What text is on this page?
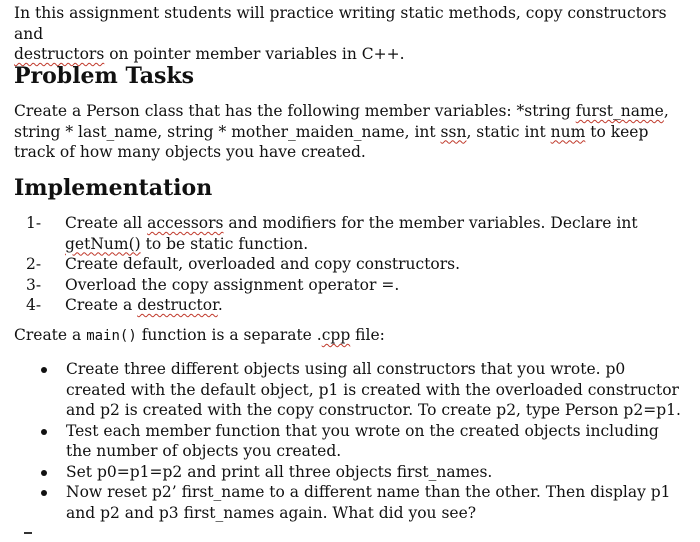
In this assignment students will practice writing static methods, copy constructors and
destructors on pointer member variables in C++.

Problem Tasks

Create a Person class that has the following member variables: *string furst_name, string * last_name, string * mother_maiden_name, int ssn, static int num to keep track of how many objects you have created.

Implementation
1- Create all accessors and modifiers for the member variables. Declare int getNum() to be static function.
2- Create default, overloaded and copy constructors.
3- Overload the copy assignment operator =.
4- Create a destructor.

Create a main() function is a separate .cpp file:

Create three different objects using all constructors that you wrote. p0 created with the default object, p1 is created with the overloaded constructor and p2 is created with the copy constructor. To create p2, type Person p2=p1.
Test each member function that you wrote on the created objects including the number of objects you created.
Set p0=p1=p2 and print all three objects first_names.
Now reset p2’ first_name to a different name than the other. Then display p1 and p2 and p3 first_names again. What did you see?
